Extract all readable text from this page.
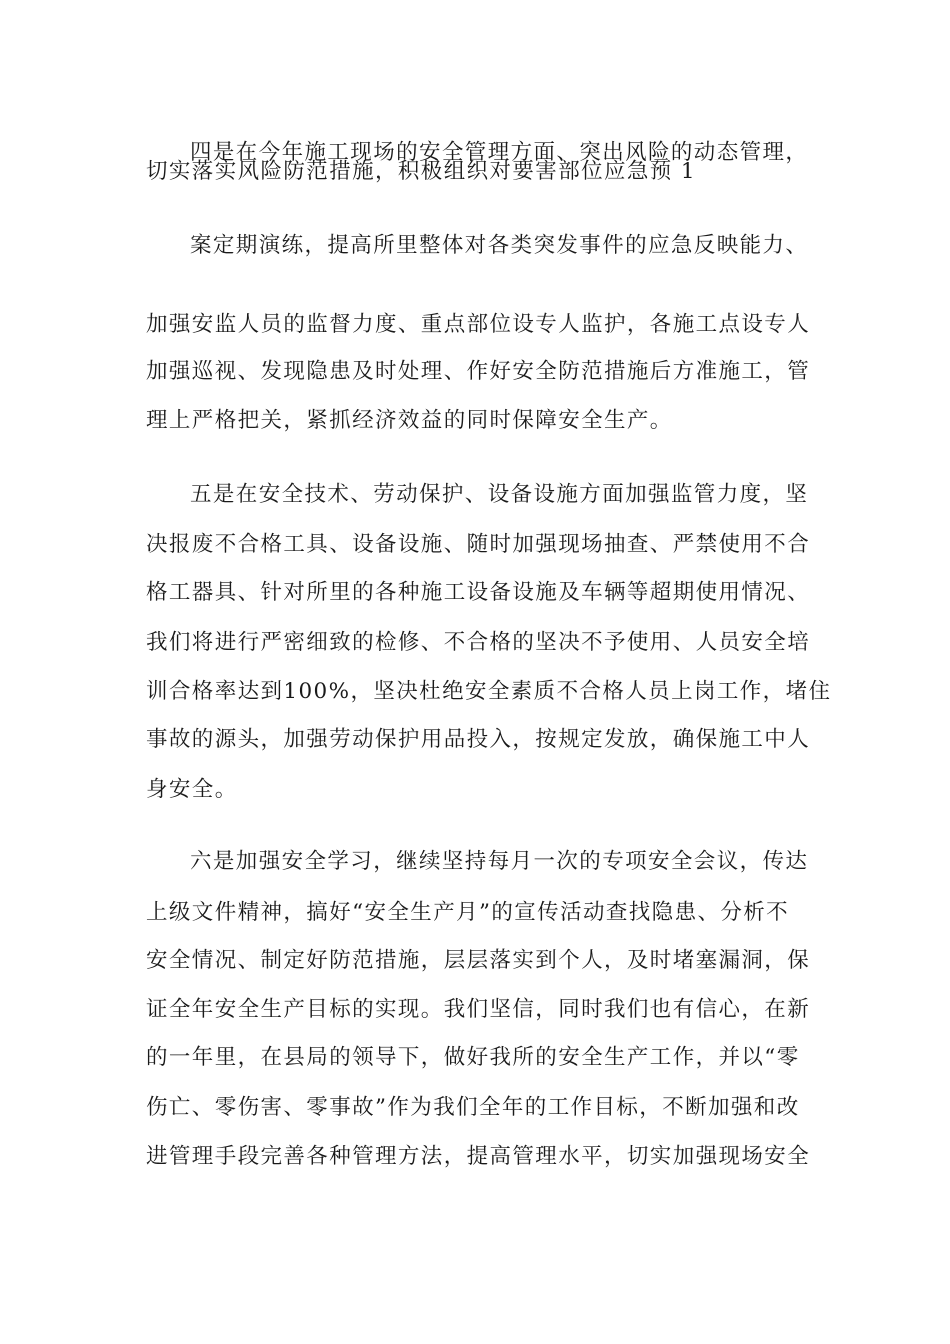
四是在今年施工现场的安全管理方面、突出风险的动态管理，
切实落实风险防范措施，积极组织对要害部位应急预 1
案定期演练，提高所里整体对各类突发事件的应急反映能力、
加强安监人员的监督力度、重点部位设专人监护，各施工点设专人
加强巡视、发现隐患及时处理、作好安全防范措施后方准施工，管
理上严格把关，紧抓经济效益的同时保障安全生产。
五是在安全技术、劳动保护、设备设施方面加强监管力度，坚
决报废不合格工具、设备设施、随时加强现场抽查、严禁使用不合
格工器具、针对所里的各种施工设备设施及车辆等超期使用情况、
我们将进行严密细致的检修、不合格的坚决不予使用、人员安全培
训合格率达到100%，坚决杜绝安全素质不合格人员上岗工作，堵住
事故的源头，加强劳动保护用品投入，按规定发放，确保施工中人
身安全。
六是加强安全学习，继续坚持每月一次的专项安全会议，传达
上级文件精神，搞好“安全生产月”的宣传活动查找隐患、分析不
安全情况、制定好防范措施，层层落实到个人，及时堵塞漏洞，保
证全年安全生产目标的实现。我们坚信，同时我们也有信心，在新
的一年里，在县局的领导下，做好我所的安全生产工作，并以“零
伤亡、零伤害、零事故”作为我们全年的工作目标，不断加强和改
进管理手段完善各种管理方法，提高管理水平，切实加强现场安全
